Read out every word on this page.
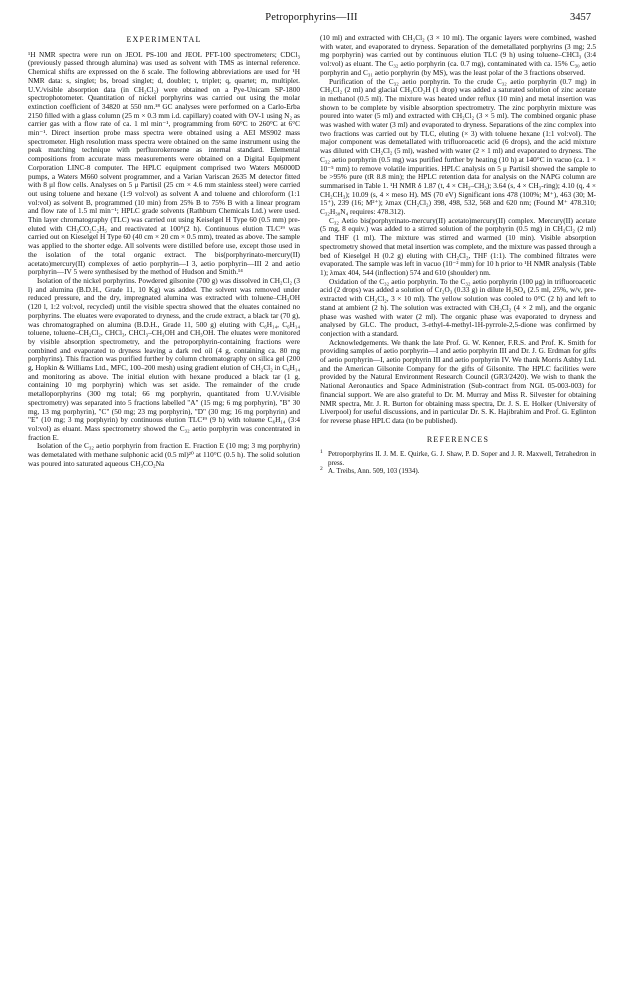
Petroporphyrins—III	3457
EXPERIMENTAL

¹H NMR spectra were run on JEOL PS-100 and JEOL PFT-100 spectrometers; CDCl₃ (previously passed through alumina) was used as solvent with TMS as internal reference. Chemical shifts are expressed on the δ scale. The following abbreviations are used for ¹H NMR data: s, singlet; bs, broad singlet; d, doublet; t, triplet; q, quartet; m, multiplet. U.V./visible absorption data (in CH₂Cl₂) were obtained on a Pye-Unicam SP-1800 spectrophotometer. Quantitation of nickel porphyrins was carried out using the molar extinction coefficient of 34820 at 550 nm.¹⁸ GC analyses were performed on a Carlo-Erba 2150 filled with a glass column (25 m × 0.3 mm i.d. capillary) coated with OV-1 using N₂ as carrier gas with a flow rate of ca. 1 ml min⁻¹, programming from 60°C to 260°C at 6°C min⁻¹. Direct insertion probe mass spectra were obtained using a AEI MS902 mass spectrometer. High resolution mass spectra were obtained on the same instrument using the peak matching technique with perfluorokerosene as internal standard. Elemental compositions from accurate mass measurements were obtained on a Digital Equipment Corporation LINC-8 computer. The HPLC equipment comprised two Waters M6000D pumps, a Waters M660 solvent programmer, and a Varian Variscan 2635 M detector fitted with 8 μl flow cells. Analyses on 5 μ Partisil (25 cm × 4.6 mm stainless steel) were carried out using toluene and hexane (1:9 vol:vol) as solvent A and toluene and chloroform (1:1 vol:vol) as solvent B, programmed (10 min) from 25% B to 75% B with a linear program and flow rate of 1.5 ml min⁻¹; HPLC grade solvents (Rathburn Chemicals Ltd.) were used. Thin layer chromatography (TLC) was carried out using Keiselgel H Type 60 (0.5 mm) pre-eluted with CH₃CO₂C₂H₅ and reactivated at 100°(2 h). Continuous elution TLC¹⁹ was carried out on Kieselgel H Type 60 (40 cm × 20 cm × 0.5 mm), treated as above. The sample was applied to the shorter edge. All solvents were distilled before use, except those used in the isolation of the total organic extract. The bis(porphyrinato-mercury(II) acetato)mercury(II) complexes of aetio porphyrin—I 3, aetio porphyrin—III 2 and aetio porphyrin—IV 5 were synthesised by the method of Hudson and Smith.¹⁴

Isolation of the nickel porphyrins. Powdered gilsonite (700 g) was dissolved in CH₂Cl₂ (3 l) and alumina (B.D.H., Grade 11, 10 Kg) was added. The solvent was removed under reduced pressure, and the dry, impregnated alumina was extracted with toluene–CH₃OH (120 l, 1:2 vol:vol, recycled) until the visible spectra showed that the eluates contained no porphyrins. The eluates were evaporated to dryness, and the crude extract, a black tar (70 g), was chromatographed on alumina (B.D.H., Grade 11, 500 g) eluting with C₆H₁₄, C₆H₁₄ toluene, toluene–CH₂Cl₂, CHCl₃, CHCl₃–CH₃OH and CH₃OH. The eluates were monitored by visible absorption spectrometry, and the petroporphyrin-containing fractions were combined and evaporated to dryness leaving a dark red oil (4 g, containing ca. 80 mg porphyrins). This fraction was purified further by column chromatography on silica gel (200 g, Hopkin & Williams Ltd., MFC, 100–200 mesh) using gradient elution of CH₂Cl₂ in C₆H₁₄ and monitoring as above. The initial elution with hexane produced a black tar (1 g, containing 10 mg porphyrin) which was set aside. The remainder of the crude metalloporphyrins (300 mg total; 66 mg porphyrin, quantitated from U.V./visible spectrometry) was separated into 5 fractions labelled "A" (15 mg; 6 mg porphyrin), "B" 30 mg, 13 mg porphyrin), "C" (50 mg; 23 mg porphyrin), "D" (30 mg; 16 mg porphyrin) and "E" (10 mg; 3 mg porphyrin) by continuous elution TLC¹⁹ (9 h) with toluene C₆H₁₄ (3:4 vol:vol) as eluant. Mass spectrometry showed the C₃₂ aetio porphyrin was concentrated in fraction E.

Isolation of the C₃₂ aetio porphyrin from fraction E. Fraction E (10 mg; 3 mg porphyrin) was demetalated with methane sulphonic acid (0.5 ml)²⁰ at 110°C (0.5 h). The solid solution was poured into saturated aqueous CH₃CO₂Na

(10 ml) and extracted with CH₂Cl₂ (3 × 10 ml). The organic layers were combined, washed with water, and evaporated to dryness. Separation of the demetallated porphyrins (3 mg; 2.5 mg porphyrin) was carried out by continuous elution TLC (9 h) using toluene–CHCl₃ (3:4 vol:vol) as eluant. The C₃₂ aetio porphyrin (ca. 0.7 mg), contaminated with ca. 15% C₃₀ aetio porphyrin and C₃₁ aetio porphyrin (by MS), was the least polar of the 3 fractions observed.

Purification of the C₃₂ aetio porphyrin. To the crude C₃₂ aetio porphyrin (0.7 mg) in CH₂Cl₂ (2 ml) and glacial CH₃CO₂H (1 drop) was added a saturated solution of zinc acetate in methanol (0.5 ml). The mixture was heated under reflux (10 min) and metal insertion was shown to be complete by visible absorption spectrometry. The zinc porphyrin mixture was poured into water (5 ml) and extracted with CH₂Cl₂ (3 × 5 ml). The combined organic phase was washed with water (3 ml) and evaporated to dryness. Separations of the zinc complex into two fractions was carried out by TLC, eluting (× 3) with toluene hexane (1:1 vol:vol). The major component was demetallated with trifluoroacetic acid (6 drops), and the acid mixture was diluted with CH₂Cl₂ (5 ml), washed with water (2 × 1 ml) and evaporated to dryness. The C₃₂ aetio porphyrin (0.5 mg) was purified further by heating (10 h) at 140°C in vacuo (ca. 1 × 10⁻⁵ mm) to remove volatile impurities. HPLC analysis on 5 μ Partisil showed the sample to be >95% pure (tR 8.8 min); the HPLC retention data for analysis on the NAPG column are summarised in Table 1. ¹H NMR δ 1.87 (t, 4 × CH₂–CH₃); 3.64 (s, 4 × CH₃-ring); 4.10 (q, 4 × CH₂CH₃); 10.09 (s, 4 × meso H). MS (70 eV) Significant ions 478 (100%; M⁺), 463 (30; M-15⁺), 239 (16; M²⁺); λmax (CH₂Cl₂) 398, 498, 532, 568 and 620 nm; (Found M⁺ 478.310; C₃₂H₃₈N₄ requires: 478.312).

C₃₂ Aetio bis(porphyrinato-mercury(II) acetato)mercury(II) complex. Mercury(II) acetate (5 mg, 8 equiv.) was added to a stirred solution of the porphyrin (0.5 mg) in CH₂Cl₂ (2 ml) and THF (1 ml). The mixture was stirred and warmed (10 min). Visible absorption spectrometry showed that metal insertion was complete, and the mixture was passed through a bed of Kieselgel H (0.2 g) eluting with CH₂Cl₂, THF (1:1). The combined filtrates were evaporated. The sample was left in vacuo (10⁻² mm) for 10 h prior to ¹H NMR analysis (Table 1); λmax 404, 544 (inflection) 574 and 610 (shoulder) nm.

Oxidation of the C₃₂ aetio porphyrin. To the C₃₂ aetio porphyrin (100 μg) in trifluoroacetic acid (2 drops) was added a solution of Cr₂O₃ (0.33 g) in dilute H₂SO₄ (2.5 ml, 25%, w/v, pre-extracted with CH₂Cl₂, 3 × 10 ml). The yellow solution was cooled to 0°C (2 h) and left to stand at ambient (2 h). The solution was extracted with CH₂Cl₂ (4 × 2 ml), and the organic phase was washed with water (2 ml). The organic phase was evaporated to dryness and analysed by GLC. The product, 3-ethyl-4-methyl-1H-pyrrole-2,5-dione was confirmed by conjection with a standard.

Acknowledgements. We thank the late Prof. G. W. Kenner, F.R.S. and Prof. K. Smith for providing samples of aetio porphyrin—I and aetio porphyrin III and Dr. J. G. Erdman for gifts of aetio porphyrin—I, aetio porphyrin III and aetio porphyrin IV. We thank Morris Ashby Ltd. and the American Gilsonite Company for the gifts of Gilsonite. The HPLC facilities were provided by the Natural Environment Research Council (GR3/2420). We wish to thank the National Aeronautics and Space Administration (Sub-contract from NGL 05-003-003) for financial support. We are also grateful to Dr. M. Murray and Miss R. Silvester for obtaining NMR spectra, Mr. J. R. Burton for obtaining mass spectra, Dr. J. S. E. Holker (University of Liverpool) for useful discussions, and in particular Dr. S. K. Hajibrahim and Prof. G. Eglinton for reverse phase HPLC data (to be published).

REFERENCES
1 Petroporphyrins II. J. M. E. Quirke, G. J. Shaw, P. D. Soper and J. R. Maxwell, Tetrahedron in press.
2 A. Treibs, Ann. 509, 103 (1934).
